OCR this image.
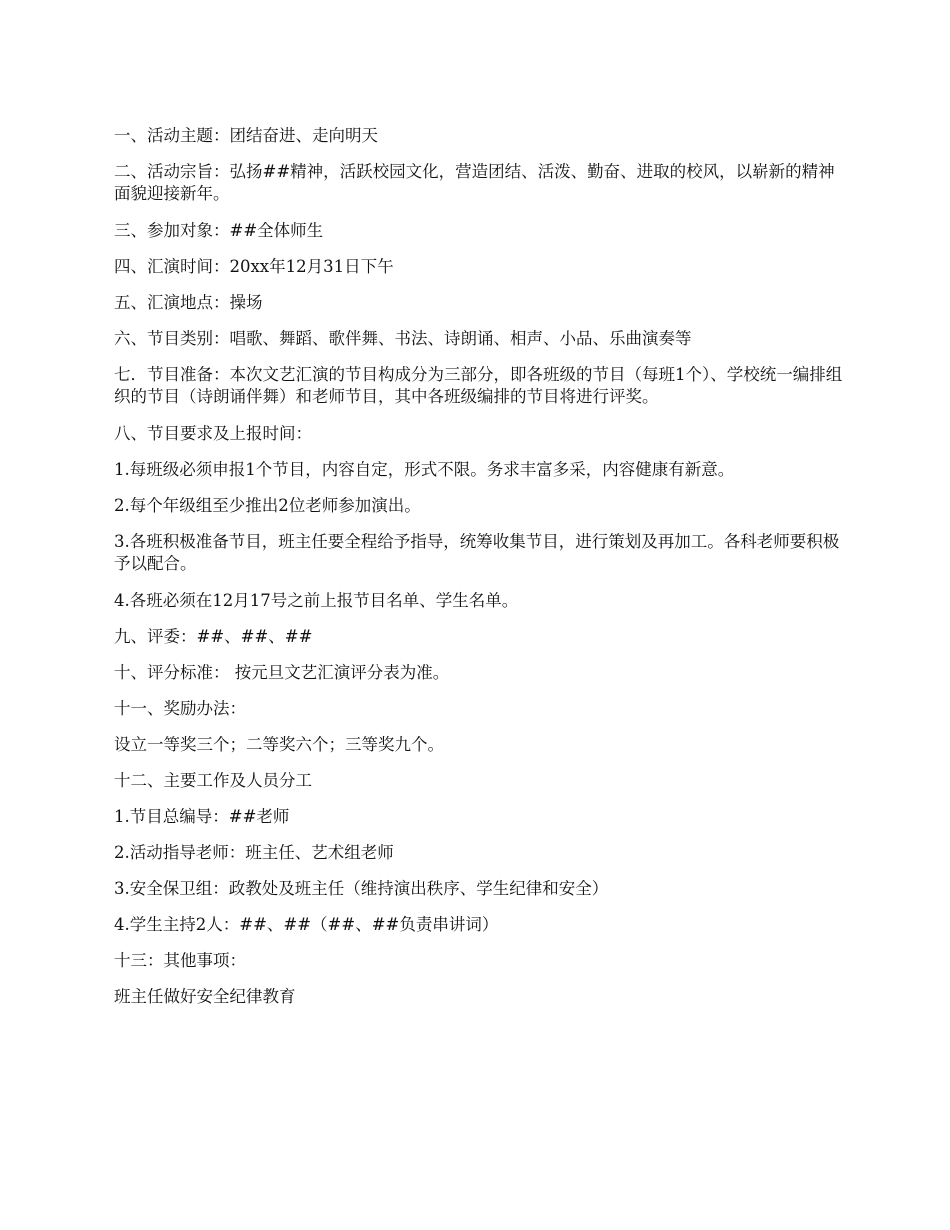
一、活动主题：团结奋进、走向明天

二、活动宗旨：弘扬##精神，活跃校园文化，营造团结、活泼、勤奋、进取的校风，以崭新的精神面貌迎接新年。

三、参加对象：##全体师生

四、汇演时间：20xx年12月31日下午

五、汇演地点：操场

六、节目类别：唱歌、舞蹈、歌伴舞、书法、诗朗诵、相声、小品、乐曲演奏等

七．节目准备：本次文艺汇演的节目构成分为三部分，即各班级的节目（每班1个）、学校统一编排组织的节目（诗朗诵伴舞）和老师节目，其中各班级编排的节目将进行评奖。

八、节目要求及上报时间：

1.每班级必须申报1个节目，内容自定，形式不限。务求丰富多采，内容健康有新意。

2.每个年级组至少推出2位老师参加演出。

3.各班积极准备节目，班主任要全程给予指导，统筹收集节目，进行策划及再加工。各科老师要积极予以配合。

4.各班必须在12月17号之前上报节目名单、学生名单。

九、评委：##、##、##

十、评分标准： 按元旦文艺汇演评分表为准。

十一、奖励办法：

设立一等奖三个；二等奖六个；三等奖九个。

十二、主要工作及人员分工

1.节目总编导：##老师

2.活动指导老师：班主任、艺术组老师

3.安全保卫组：政教处及班主任（维持演出秩序、学生纪律和安全）

4.学生主持2人：##、##（##、##负责串讲词）

十三：其他事项：

班主任做好安全纪律教育
